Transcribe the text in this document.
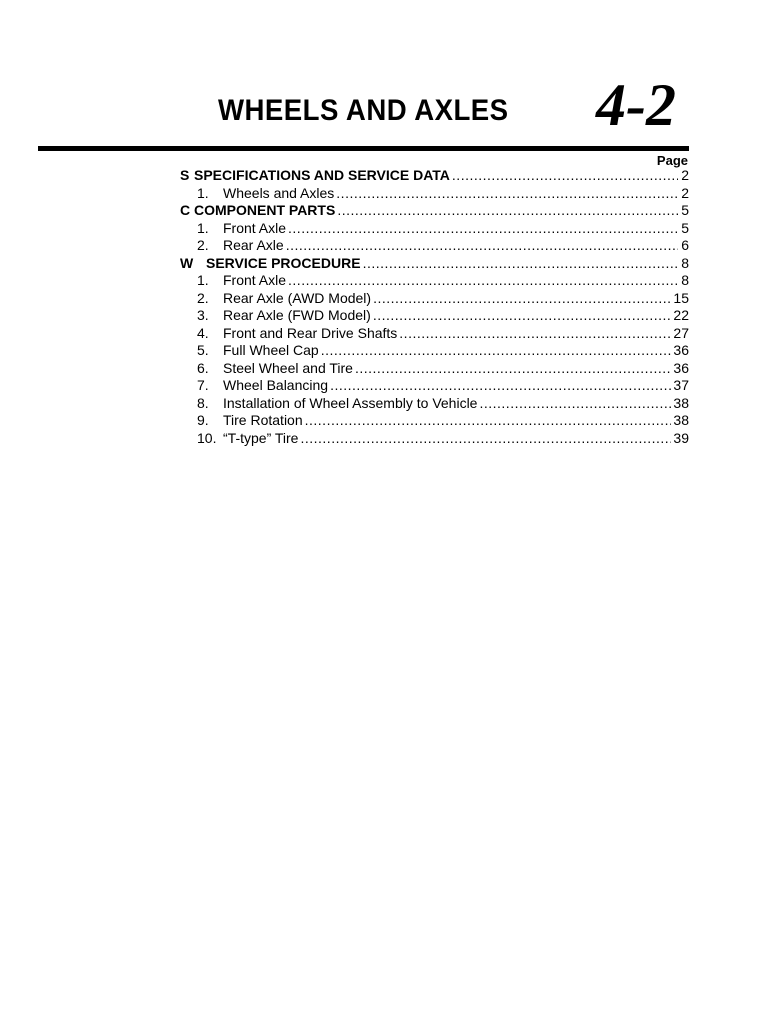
WHEELS AND AXLES 4-2
Page
S SPECIFICATIONS AND SERVICE DATA .....	2
1.	Wheels and Axles .....	2
C COMPONENT PARTS .....	5
1.	Front Axle .....	5
2.	Rear Axle .....	6
W SERVICE PROCEDURE .....	8
1.	Front Axle .....	8
2.	Rear Axle (AWD Model) .....	15
3.	Rear Axle (FWD Model) .....	22
4.	Front and Rear Drive Shafts .....	27
5.	Full Wheel Cap .....	36
6.	Steel Wheel and Tire .....	36
7.	Wheel Balancing .....	37
8.	Installation of Wheel Assembly to Vehicle .....	38
9.	Tire Rotation .....	38
10. “T-type” Tire .....	39
